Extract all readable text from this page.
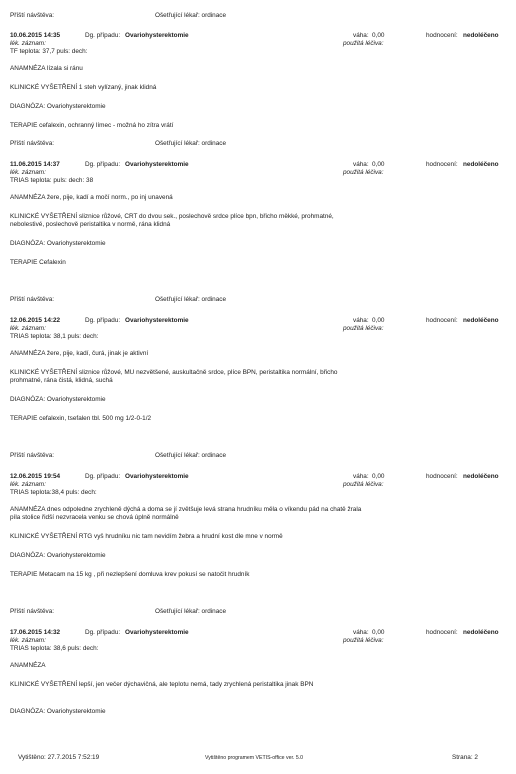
Příští návštěva:	Ošetřující lékař: ordinace
10.06.2015 14:35	Dg. případu: Ovariohysterektomie	váha: 0,00	hodnocení: nedoléčeno
lék. záznam:	použitá léčiva:
TF teplota: 37,7 puls: dech:
ANAMNÉZA lízala si ránu
KLINICKÉ VYŠETŘENÍ 1 steh vylízaný, jinak klidná
DIAGNÓZA: Ovariohysterektomie
TERAPIE cefalexin, ochranný límec - možná ho zítra vrátí
Příští návštěva:	Ošetřující lékař: ordinace
11.06.2015 14:37	Dg. případu: Ovariohysterektomie	váha: 0,00	hodnocení: nedoléčeno
lék. záznam:	použitá léčiva:
TRIAS teplota: puls: dech: 38
ANAMNÉZA žere, pije, kadí a močí norm., po inj unavená
KLINICKÉ VYŠETŘENÍ sliznice růžové, CRT do dvou sek., poslechově srdce plíce bpn, břicho měkké, prohmatné, nebolestivé, poslechově peristaltika v normě, rána klidná
DIAGNÓZA: Ovariohysterektomie
TERAPIE Cefalexin
Příští návštěva:	Ošetřující lékař: ordinace
12.06.2015 14:22	Dg. případu: Ovariohysterektomie	váha: 0,00	hodnocení: nedoléčeno
lék. záznam:	použitá léčiva:
TRIAS teplota: 38,1 puls: dech:
ANAMNÉZA žere, pije, kadí, čurá, jinak je aktivní
KLINICKÉ VYŠETŘENÍ sliznice růžové, MU nezvětšené, auskultačně srdce, plíce BPN, peristaltika normální, břicho prohmatné, rána čistá, klidná, suchá
DIAGNÓZA: Ovariohysterektomie
TERAPIE cefalexin, tsefalen tbl. 500 mg 1/2-0-1/2
Příští návštěva:	Ošetřující lékař: ordinace
12.06.2015 19:54	Dg. případu: Ovariohysterektomie	váha: 0,00	hodnocení: nedoléčeno
lék. záznam:	použitá léčiva:
TRIAS teplota:38,4 puls: dech:
ANAMNÉZA dnes odpoledne zrychleně dýchá a doma se jí zvětšuje levá strana hrudníku měla o víkendu pád na chatě žrala píla stolice řidší nezvracela venku se chová úplně normálně
KLINICKÉ VYŠETŘENÍ RTG vyš hrudníku nic tam nevidím žebra a hrudní kost dle mne v normě
DIAGNÓZA: Ovariohysterektomie
TERAPIE Metacam na 15 kg , při nezlepšení domluva krev pokusí se natočit hrudník
Příští návštěva:	Ošetřující lékař: ordinace
17.06.2015 14:32	Dg. případu: Ovariohysterektomie	váha: 0,00	hodnocení: nedoléčeno
lék. záznam:	použitá léčiva:
TRIAS teplota: 38,6 puls: dech:
ANAMNÉZA
KLINICKÉ VYŠETŘENÍ lepší, jen večer dýchavičná, ale teplotu nemá, tady zrychlená peristaltika jinak BPN
DIAGNÓZA: Ovariohysterektomie
Vytištěno: 27.7.2015 7:52:19	Vytištěno programem VETIS-office ver. 5.0	Strana: 2
